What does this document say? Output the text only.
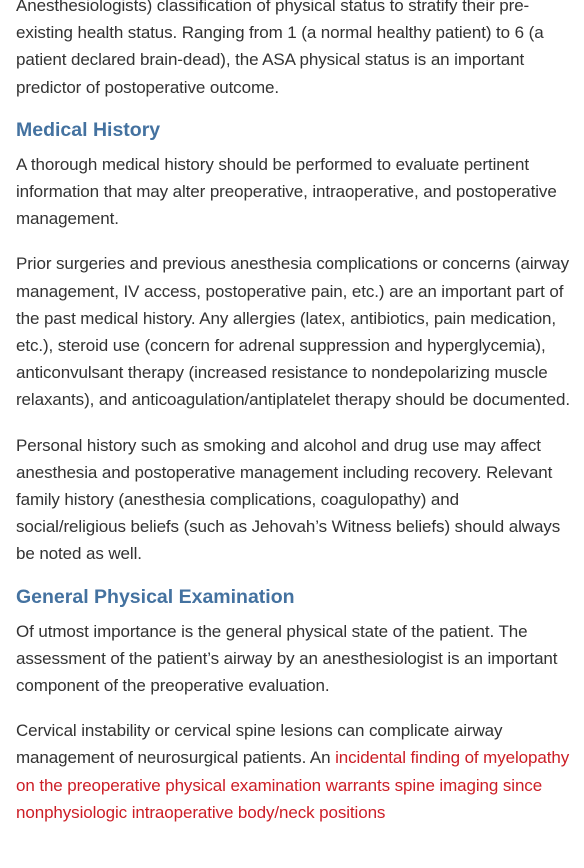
Anesthesiologists) classification of physical status to stratify their pre-existing health status. Ranging from 1 (a normal healthy patient) to 6 (a patient declared brain-dead), the ASA physical status is an important predictor of postoperative outcome.

Medical History

A thorough medical history should be performed to evaluate pertinent information that may alter preoperative, intraoperative, and postoperative management.

Prior surgeries and previous anesthesia complications or concerns (airway management, IV access, postoperative pain, etc.) are an important part of the past medical history. Any allergies (latex, antibiotics, pain medication, etc.), steroid use (concern for adrenal suppression and hyperglycemia), anticonvulsant therapy (increased resistance to nondepolarizing muscle relaxants), and anticoagulation/antiplatelet therapy should be documented.

Personal history such as smoking and alcohol and drug use may affect anesthesia and postoperative management including recovery. Relevant family history (anesthesia complications, coagulopathy) and social/religious beliefs (such as Jehovah’s Witness beliefs) should always be noted as well.

General Physical Examination

Of utmost importance is the general physical state of the patient. The assessment of the patient’s airway by an anesthesiologist is an important component of the preoperative evaluation.

Cervical instability or cervical spine lesions can complicate airway management of neurosurgical patients. An incidental finding of myelopathy on the preoperative physical examination warrants spine imaging since nonphysiologic intraoperative body/neck positions
